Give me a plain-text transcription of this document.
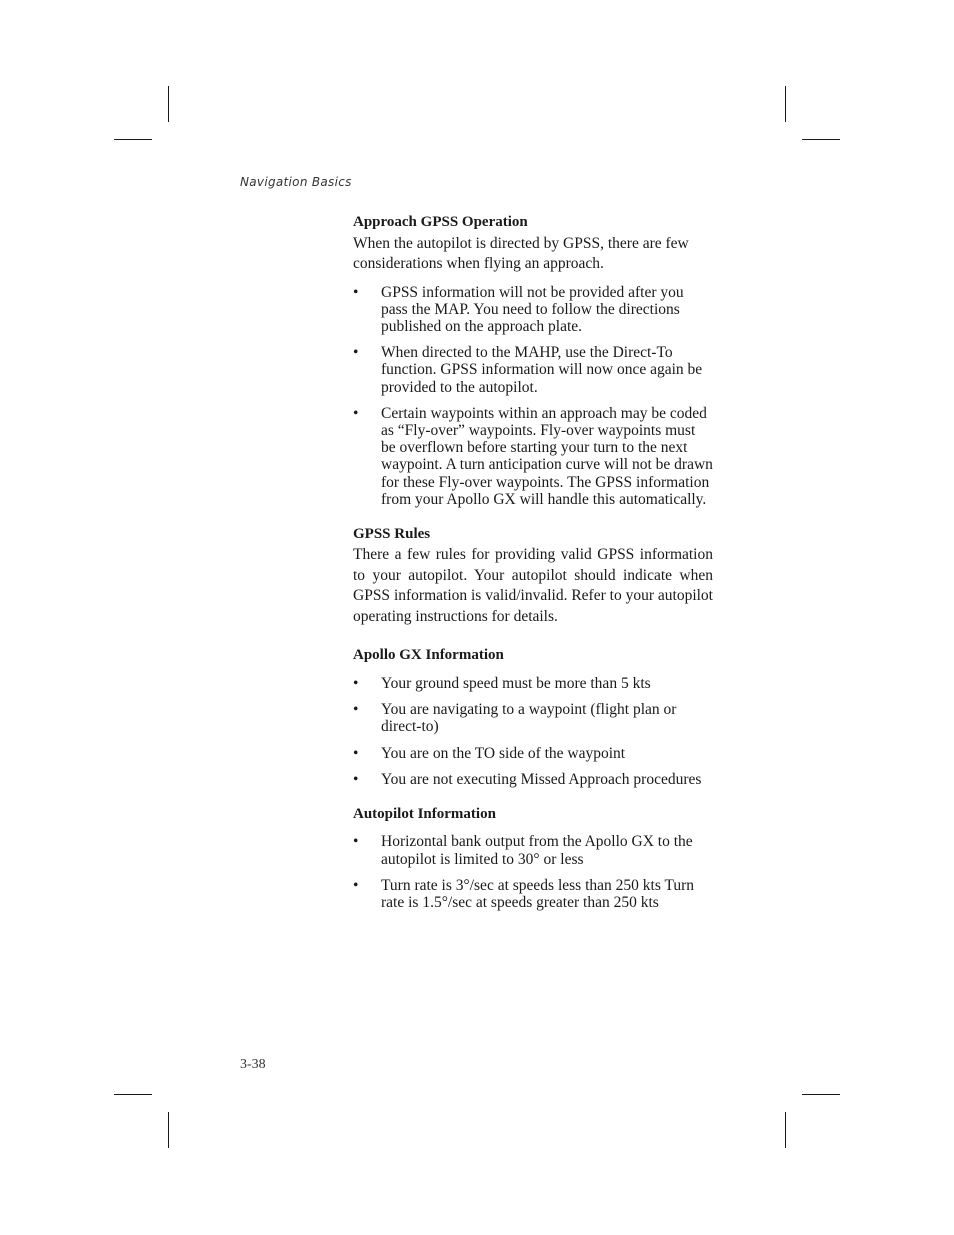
Navigation Basics
Approach GPSS Operation

When the autopilot is directed by GPSS, there are few considerations when flying an approach.

• GPSS information will not be provided after you pass the MAP. You need to follow the directions published on the approach plate.
• When directed to the MAHP, use the Direct-To function. GPSS information will now once again be provided to the autopilot.
• Certain waypoints within an approach may be coded as “Fly-over” waypoints. Fly-over waypoints must be overflown before starting your turn to the next waypoint. A turn anticipation curve will not be drawn for these Fly-over waypoints. The GPSS information from your Apollo GX will handle this automatically.
GPSS Rules

There a few rules for providing valid GPSS information to your autopilot. Your autopilot should indicate when GPSS information is valid/invalid. Refer to your autopilot operating instructions for details.

Apollo GX Information
• Your ground speed must be more than 5 kts
• You are navigating to a waypoint (flight plan or direct-to)
• You are on the TO side of the waypoint
• You are not executing Missed Approach procedures
Autopilot Information
• Horizontal bank output from the Apollo GX to the autopilot is limited to 30° or less
• Turn rate is 3°/sec at speeds less than 250 kts Turn rate is 1.5°/sec at speeds greater than 250 kts
3-38
